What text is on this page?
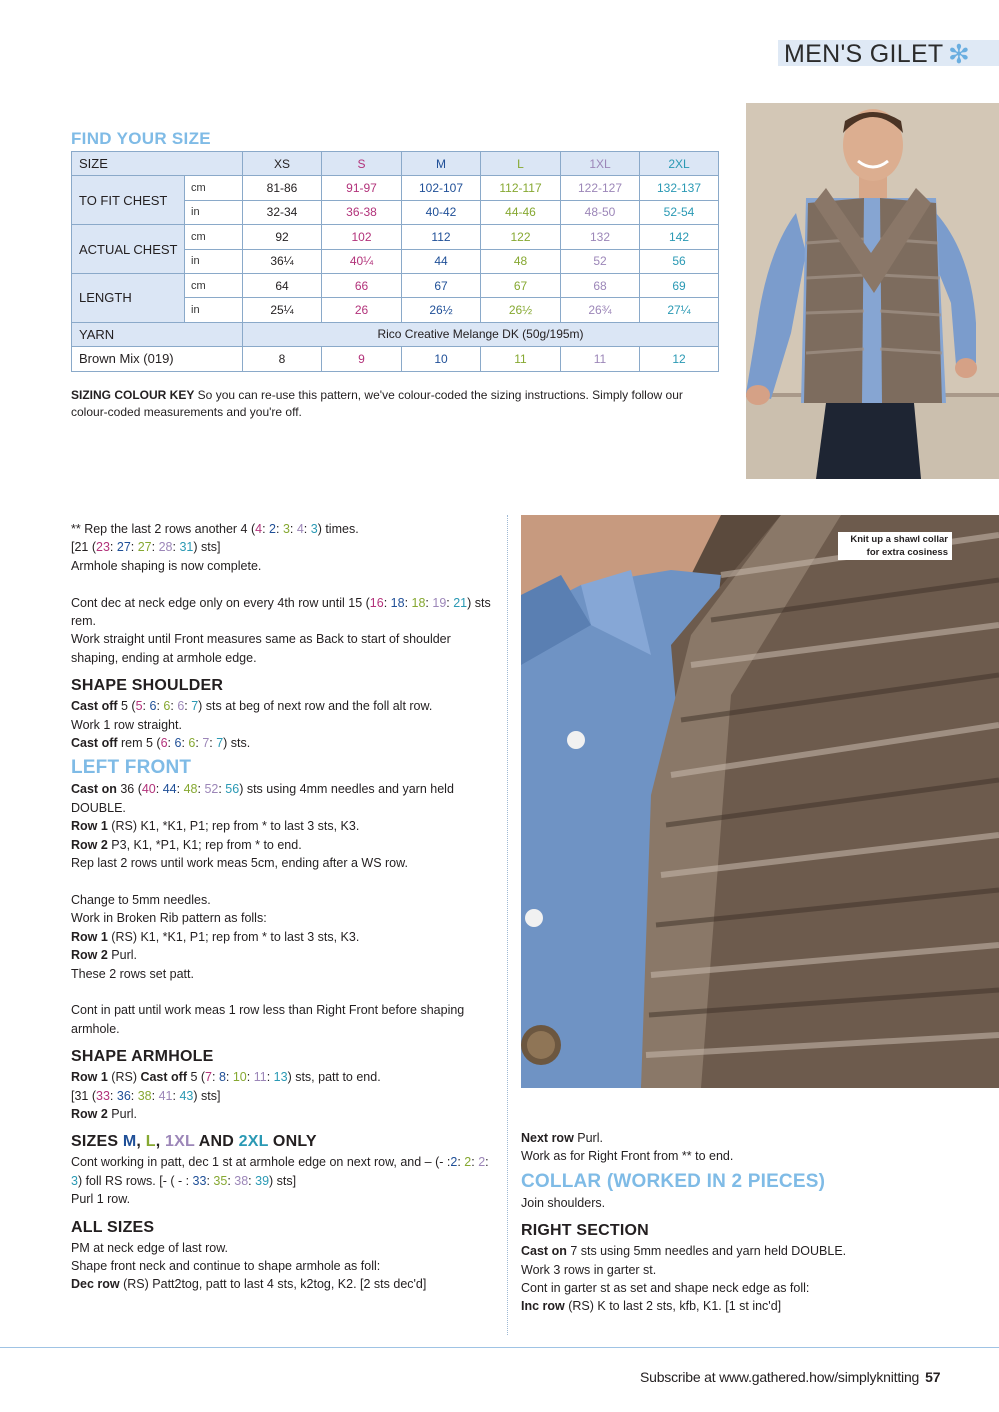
MEN'S GILET ✻
FIND YOUR SIZE
SIZE		XS	S	M	L	1XL	2XL
TO FIT CHEST	cm	81-86	91-97	102-107	112-117	122-127	132-137
	in	32-34	36-38	40-42	44-46	48-50	52-54
ACTUAL CHEST	cm	92	102	112	122	132	142
	in	36¼	40¼	44	48	52	56
LENGTH	cm	64	66	67	67	68	69
	in	25¼	26	26½	26½	26¾	27¼
YARN		Rico Creative Melange DK (50g/195m)					
Brown Mix (019)		8	9	10	11	11	12
SIZING COLOUR KEY So you can re-use this pattern, we've colour-coded the sizing instructions. Simply follow our colour-coded measurements and you're off.
Knit up a shawl collar
for extra cosiness

** Rep the last 2 rows another 4 (4: 2: 3: 4: 3) times.

[21 (23: 27: 27: 28: 31) sts]

Armhole shaping is now complete.

Cont dec at neck edge only on every 4th row until 15 (16: 18: 18: 19: 21) sts rem.

Work straight until Front measures same as Back to start of shoulder shaping, ending at armhole edge.

SHAPE SHOULDER

Cast off 5 (5: 6: 6: 6: 7) sts at beg of next row and the foll alt row.

Work 1 row straight.

Cast off rem 5 (6: 6: 6: 7: 7) sts.

LEFT FRONT

Cast on 36 (40: 44: 48: 52: 56) sts using 4mm needles and yarn held DOUBLE.

Row 1 (RS) K1, *K1, P1; rep from * to last 3 sts, K3.

Row 2 P3, K1, *P1, K1; rep from * to end.

Rep last 2 rows until work meas 5cm, ending after a WS row.

Change to 5mm needles.

Work in Broken Rib pattern as folls:

Row 1 (RS) K1, *K1, P1; rep from * to last 3 sts, K3.

Row 2 Purl.

These 2 rows set patt.

Cont in patt until work meas 1 row less than Right Front before shaping armhole.

SHAPE ARMHOLE

Row 1 (RS) Cast off 5 (7: 8: 10: 11: 13) sts, patt to end.

[31 (33: 36: 38: 41: 43) sts]

Row 2 Purl.

SIZES M, L, 1XL AND 2XL ONLY

Cont working in patt, dec 1 st at armhole edge on next row, and – (- :2: 2: 2: 3) foll RS rows. [- ( - : 33: 35: 38: 39) sts]

Purl 1 row.

ALL SIZES

PM at neck edge of last row.

Shape front neck and continue to shape armhole as foll:

Dec row (RS) Patt2tog, patt to last 4 sts, k2tog, K2. [2 sts dec'd]

Next row Purl.

Work as for Right Front from ** to end.

COLLAR (WORKED IN 2 PIECES)

Join shoulders.

RIGHT SECTION

Cast on 7 sts using 5mm needles and yarn held DOUBLE.

Work 3 rows in garter st.

Cont in garter st as set and shape neck edge as foll:

Inc row (RS) K to last 2 sts, kfb, K1. [1 st inc'd]

Subscribe at www.gathered.how/simplyknitting 57
